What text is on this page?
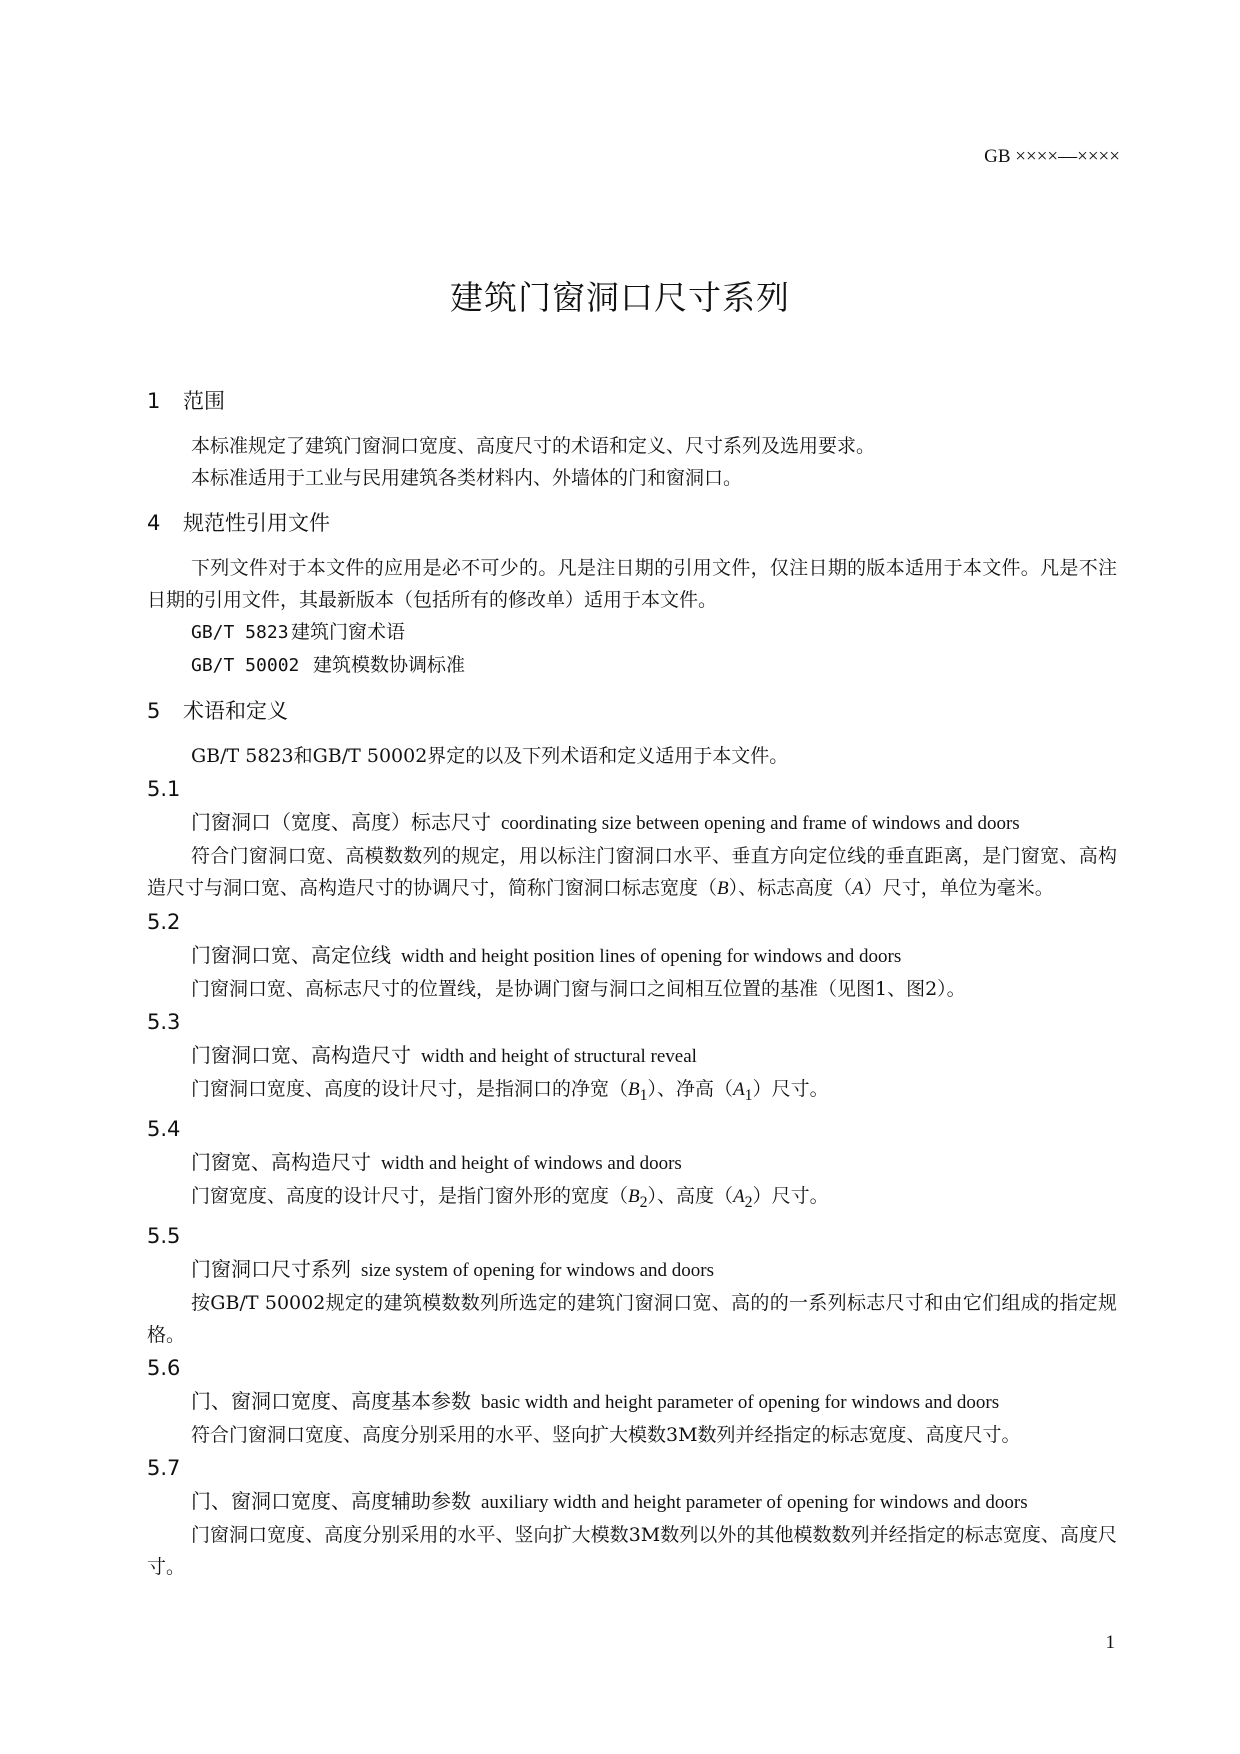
GB ××××—××××
建筑门窗洞口尺寸系列
1 范围
本标准规定了建筑门窗洞口宽度、高度尺寸的术语和定义、尺寸系列及选用要求。
本标准适用于工业与民用建筑各类材料内、外墙体的门和窗洞口。
4 规范性引用文件
下列文件对于本文件的应用是必不可少的。凡是注日期的引用文件，仅注日期的版本适用于本文件。凡是不注日期的引用文件，其最新版本（包括所有的修改单）适用于本文件。
GB/T 5823 建筑门窗术语
GB/T 50002 建筑模数协调标准
5 术语和定义
GB/T 5823和GB/T 50002界定的以及下列术语和定义适用于本文件。
5.1
门窗洞口（宽度、高度）标志尺寸 coordinating size between opening and frame of windows and doors
符合门窗洞口宽、高模数数列的规定，用以标注门窗洞口水平、垂直方向定位线的垂直距离，是门窗宽、高构造尺寸与洞口宽、高构造尺寸的协调尺寸，简称门窗洞口标志宽度（B）、标志高度（A）尺寸，单位为毫米。
5.2
门窗洞口宽、高定位线 width and height position lines of opening for windows and doors
门窗洞口宽、高标志尺寸的位置线，是协调门窗与洞口之间相互位置的基准（见图1、图2）。
5.3
门窗洞口宽、高构造尺寸 width and height of structural reveal
门窗洞口宽度、高度的设计尺寸，是指洞口的净宽$(B_1)$、净高$(A_1)$尺寸。
5.4
门窗宽、高构造尺寸 width and height of windows and doors
门窗宽度、高度的设计尺寸，是指门窗外形的宽度$(B_2)$、高度$(A_2)$尺寸。
5.5
门窗洞口尺寸系列 size system of opening for windows and doors
按GB/T 50002规定的建筑模数数列所选定的建筑门窗洞口宽、高的的一系列标志尺寸和由它们组成的指定规格。
5.6
门、窗洞口宽度、高度基本参数 basic width and height parameter of opening for windows and doors
符合门窗洞口宽度、高度分别采用的水平、竖向扩大模数3M数列并经指定的标志宽度、高度尺寸。
5.7
门、窗洞口宽度、高度辅助参数 auxiliary width and height parameter of opening for windows and doors
门窗洞口宽度、高度分别采用的水平、竖向扩大模数3M数列以外的其他模数数列并经指定的标志宽度、高度尺寸。
1
